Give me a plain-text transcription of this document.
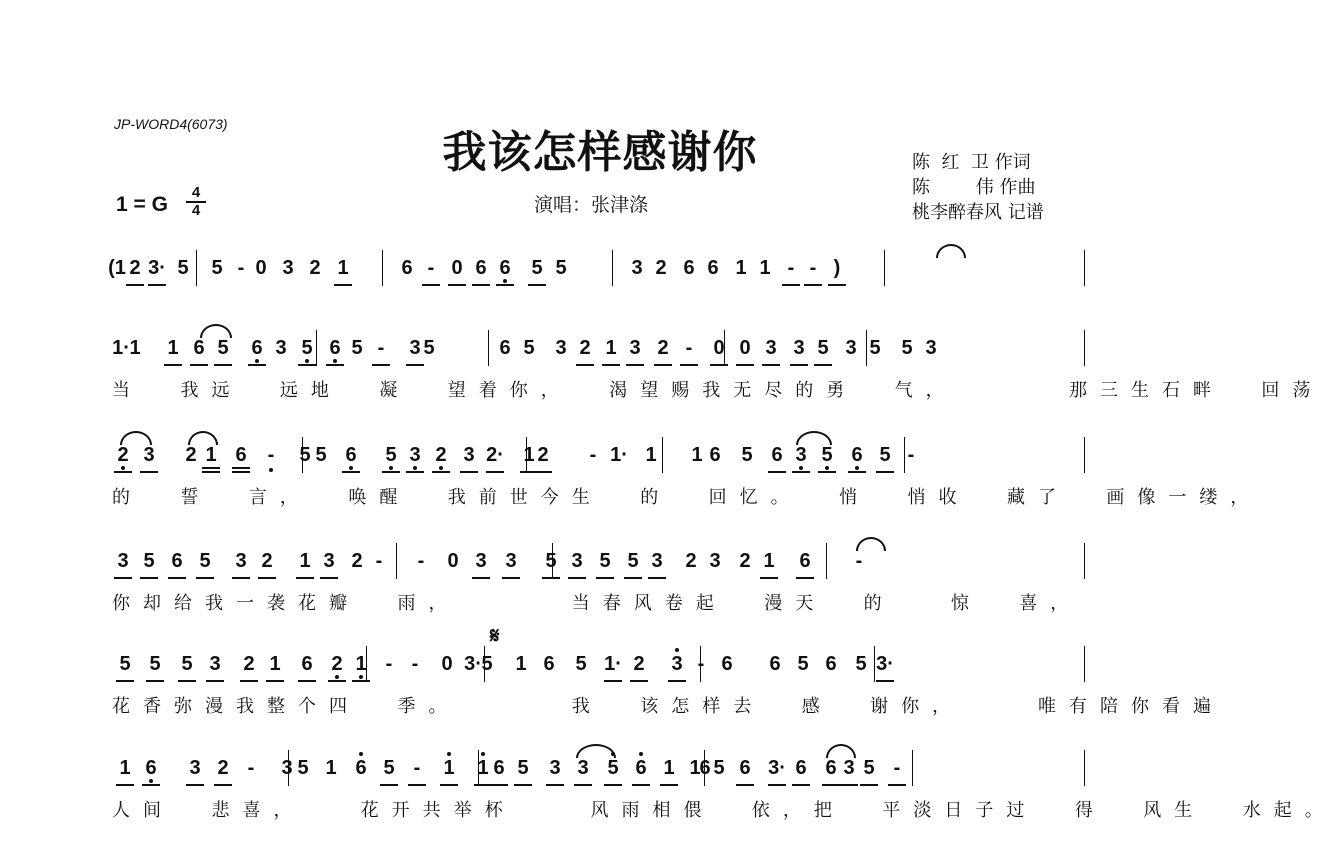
JP-WORD4(6073)
我该怎样感谢你
1 = G
4
4	演唱：张津涤
陈  红  卫 作词
陈        伟 作曲
桃李醉春风 记谱
𝄋
(1 2 3· 5 5 - 0 3 2 1	6 - 0 6 6 5 5	3 2 6 6 1 1 - - )
1· 1 1 6 5 6 3 5 6 5 - 3 5	6 5 3 2 1 3 2 - 0 0 3 3 5 3 5 5 3
当  我远  远地  凝  望着你，  渴望赐我无尽的勇  气，      那三生石畔  回荡
2 3 2 1 6 - 5 5 6 5 3 2 3 2· 1 2 - 1· 1 1 6 5 6 3 5 6 5 -
的  誓  言，  唤醒  我前世今生  的  回忆。  悄  悄收  藏了  画像一缕，
3 5 6 5 3 2 1 3 2 - - 0 3 3 5 3 5 5 3 2 3 2 1 6 -
你却给我一袭花瓣  雨，      当春风卷起  漫天  的   惊  喜，
5 5 5 3 2 1 6 2 1 - - 0 3· 5 1 6 5 1· 2 3 - 6 6 5 6 5 3·
花香弥漫我整个四  季。      我  该怎样去  感  谢你，    唯有陪你看遍
1 6 3 2 - 3 5 1 6 5 - 1 1 6 5 3 3 5 6 1 1
6 5 6 3· 6 6 3 5 -
人间  悲喜，   花开共举杯    风雨相偎  依，把  平淡日子过  得  风生  水起。
